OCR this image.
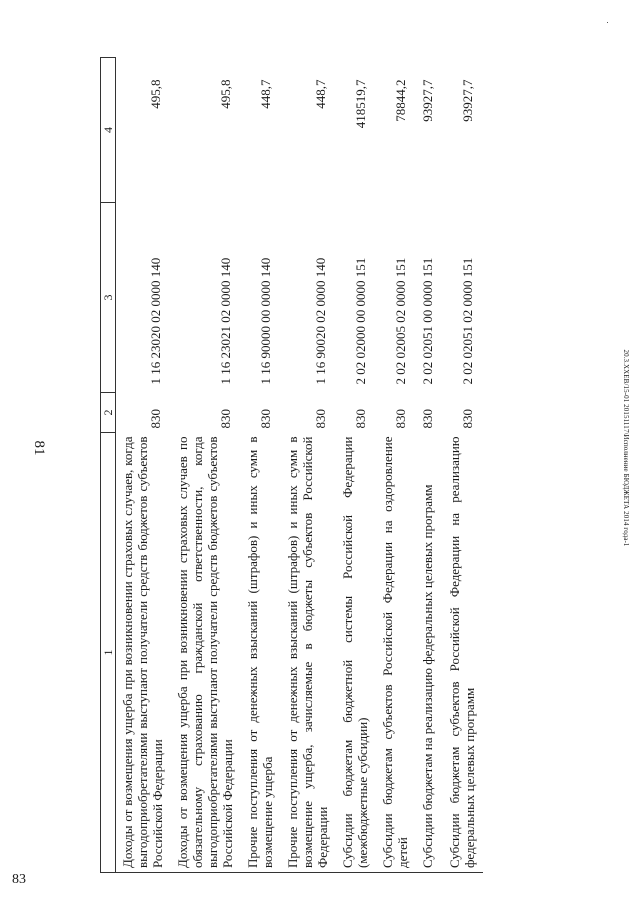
81	20.3.ХХЕВ/15-01 20151117\Исполнение БЮДЖЕТА 2014 года-1
83
1	2	3	4
Доходы от возмещения ущерба при возникновении страховых случаев, когда выгодоприобретателями выступают получатели средств бюджетов субъектов Российской Федерации	830	1 16 23020 02 0000 140	495,8
Доходы от возмещения ущерба при возникновении страховых случаев по обязательному страхованию гражданской ответственности, когда выгодоприобретателями выступают получатели средств бюджетов субъектов Российской Федерации	830	1 16 23021 02 0000 140	495,8
Прочие поступления от денежных взысканий (штрафов) и иных сумм в возмещение ущерба	830	1 16 90000 00 0000 140	448,7
Прочие поступления от денежных взысканий (штрафов) и иных сумм в возмещение ущерба, зачисляемые в бюджеты субъектов Российской Федерации	830	1 16 90020 02 0000 140	448,7
Субсидии бюджетам бюджетной системы Российской Федерации (межбюджетные субсидии)	830	2 02 02000 00 0000 151	418519,7
Субсидии бюджетам субъектов Российской Федерации на оздоровление детей	830	2 02 02005 02 0000 151	78844,2
Субсидии бюджетам на реализацию федеральных целевых программ	830	2 02 02051 00 0000 151	93927,7
Субсидии бюджетам субъектов Российской Федерации на реализацию федеральных целевых программ	830	2 02 02051 02 0000 151	93927,7
